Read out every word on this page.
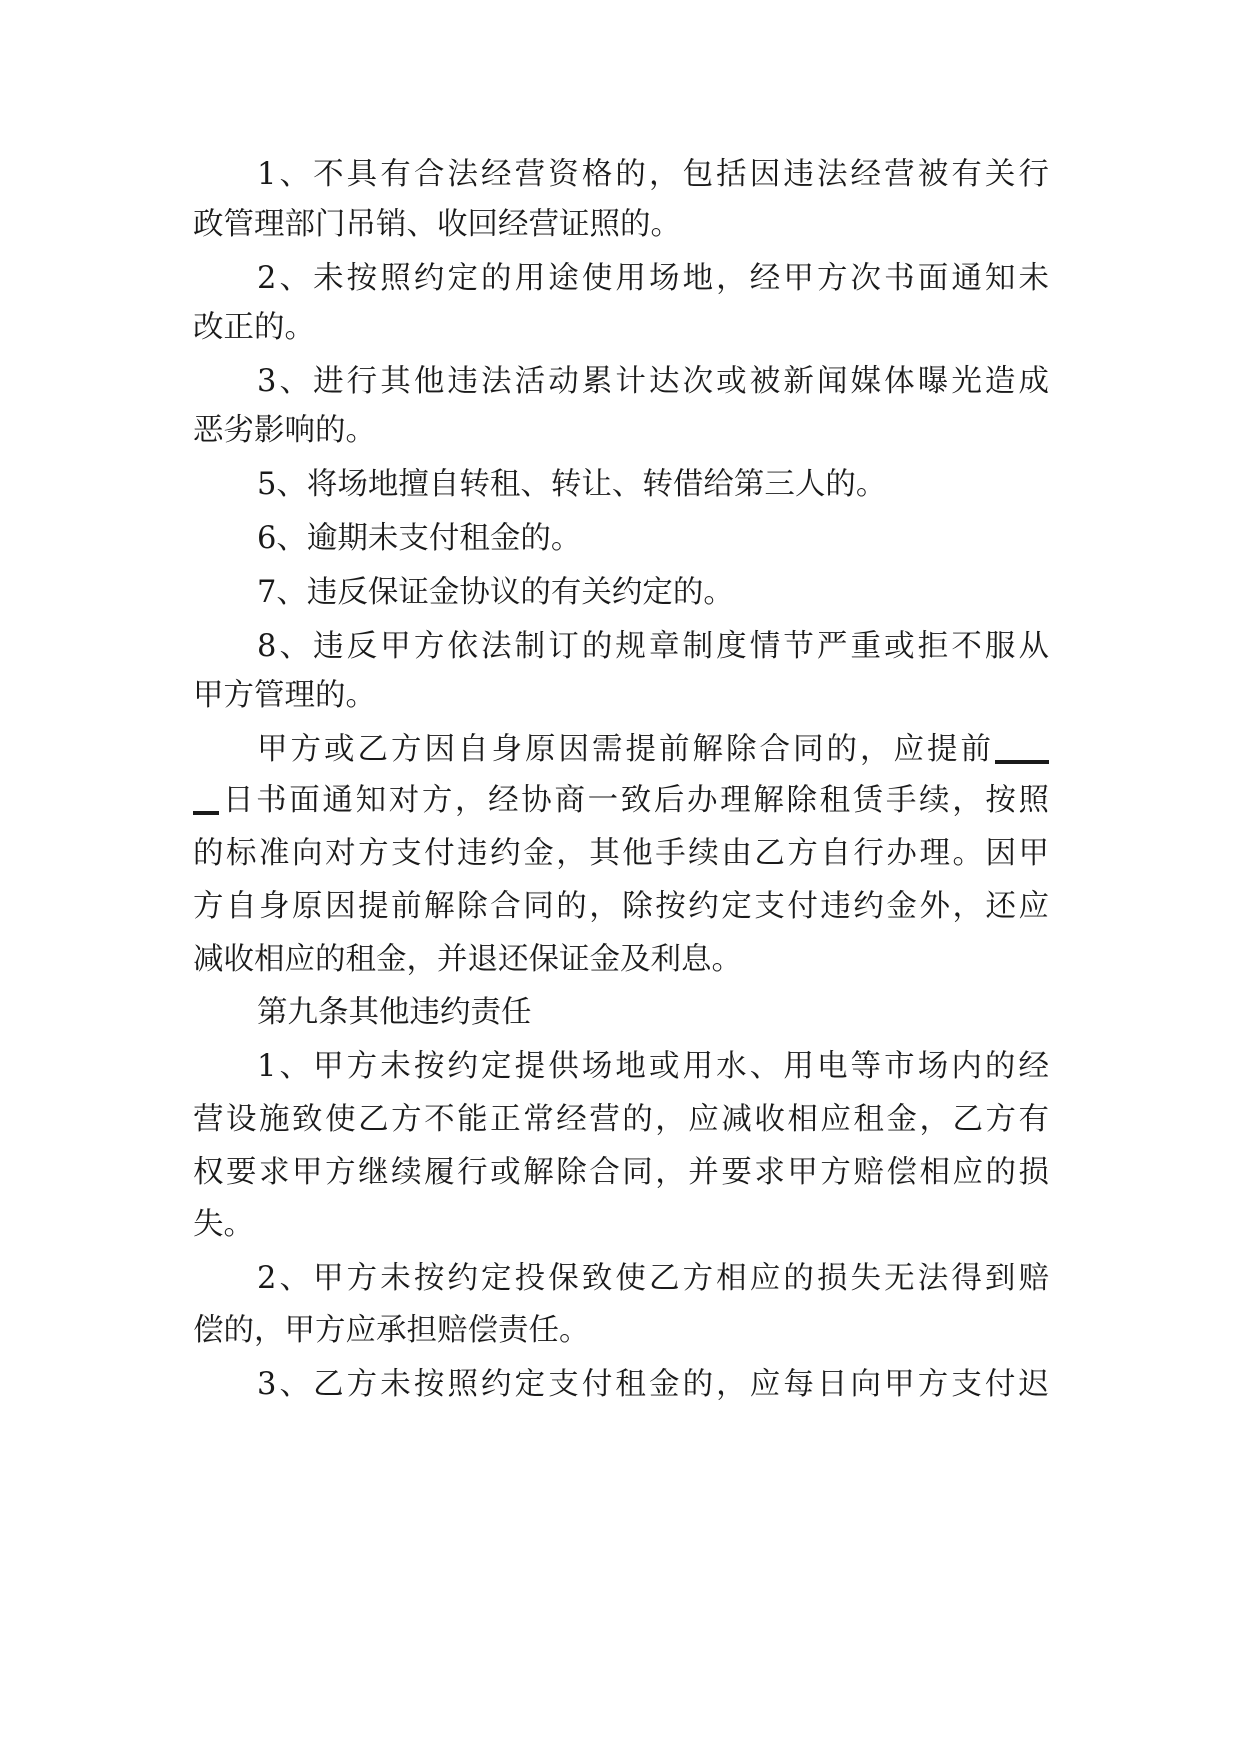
1、不具有合法经营资格的，包括因违法经营被有关行
政管理部门吊销、收回经营证照的。
2、未按照约定的用途使用场地，经甲方次书面通知未
改正的。
3、进行其他违法活动累计达次或被新闻媒体曝光造成
恶劣影响的。
5、将场地擅自转租、转让、转借给第三人的。
6、逾期未支付租金的。
7、违反保证金协议的有关约定的。
8、违反甲方依法制订的规章制度情节严重或拒不服从
甲方管理的。
甲方或乙方因自身原因需提前解除合同的，应提前
日书面通知对方，经协商一致后办理解除租赁手续，按照
的标准向对方支付违约金，其他手续由乙方自行办理。因甲
方自身原因提前解除合同的，除按约定支付违约金外，还应
减收相应的租金，并退还保证金及利息。
第九条其他违约责任
1、甲方未按约定提供场地或用水、用电等市场内的经
营设施致使乙方不能正常经营的，应减收相应租金，乙方有
权要求甲方继续履行或解除合同，并要求甲方赔偿相应的损
失。
2、甲方未按约定投保致使乙方相应的损失无法得到赔
偿的，甲方应承担赔偿责任。
3、乙方未按照约定支付租金的，应每日向甲方支付迟
